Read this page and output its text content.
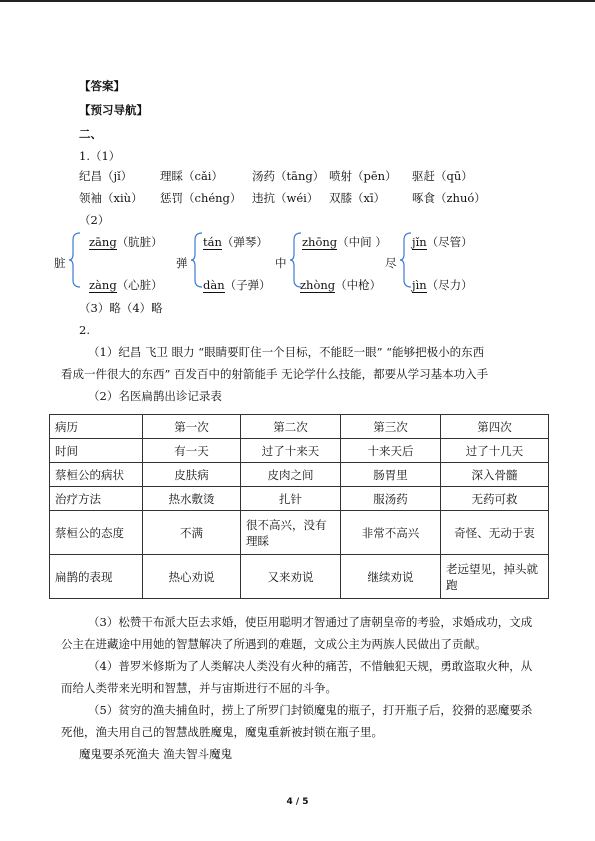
【答案】
【预习导航】
二、
1.（1）
纪昌（jǐ） 理睬（cǎi）	汤药（tāng） 喷射（pēn） 驱赶（qū）
领袖（xiù） 惩罚（chéng） 违抗（wéi） 双膝（xī） 啄食（zhuó）
（2）
脏
zāng（肮脏）
zàng（心脏）
弹
tán（弹琴）
dàn（子弹）
中
zhōng（中间 ）
zhòng（中枪）
尽
jǐn（尽管）
jìn（尽力）
（3）略（4）略
2.
（1）纪昌 飞卫 眼力 “眼睛要盯住一个目标，不能眨一眼” “能够把极小的东西
看成一件很大的东西” 百发百中的射箭能手 无论学什么技能，都要从学习基本功入手
（2）名医扁鹊出诊记录表
病历	第一次	第二次	第三次	第四次
时间	有一天	过了十来天	十来天后	过了十几天
蔡桓公的病状	皮肤病	皮肉之间	肠胃里	深入骨髓
治疗方法	热水敷烫	扎针	服汤药	无药可救
蔡桓公的态度	不满	很不高兴，没有理睬	非常不高兴	奇怪、无动于衷
扁鹊的表现	热心劝说	又来劝说	继续劝说	老远望见，掉头就跑
（3）松赞干布派大臣去求婚，使臣用聪明才智通过了唐朝皇帝的考验，求婚成功，文成
公主在进藏途中用她的智慧解决了所遇到的难题，文成公主为两族人民做出了贡献。
（4）普罗米修斯为了人类解决人类没有火种的痛苦，不惜触犯天规，勇敢盗取火种，从
而给人类带来光明和智慧，并与宙斯进行不屈的斗争。
（5）贫穷的渔夫捕鱼时，捞上了所罗门封锁魔鬼的瓶子，打开瓶子后，狡猾的恶魔要杀
死他，渔夫用自己的智慧战胜魔鬼，魔鬼重新被封锁在瓶子里。
魔鬼要杀死渔夫 渔夫智斗魔鬼
4 / 5
